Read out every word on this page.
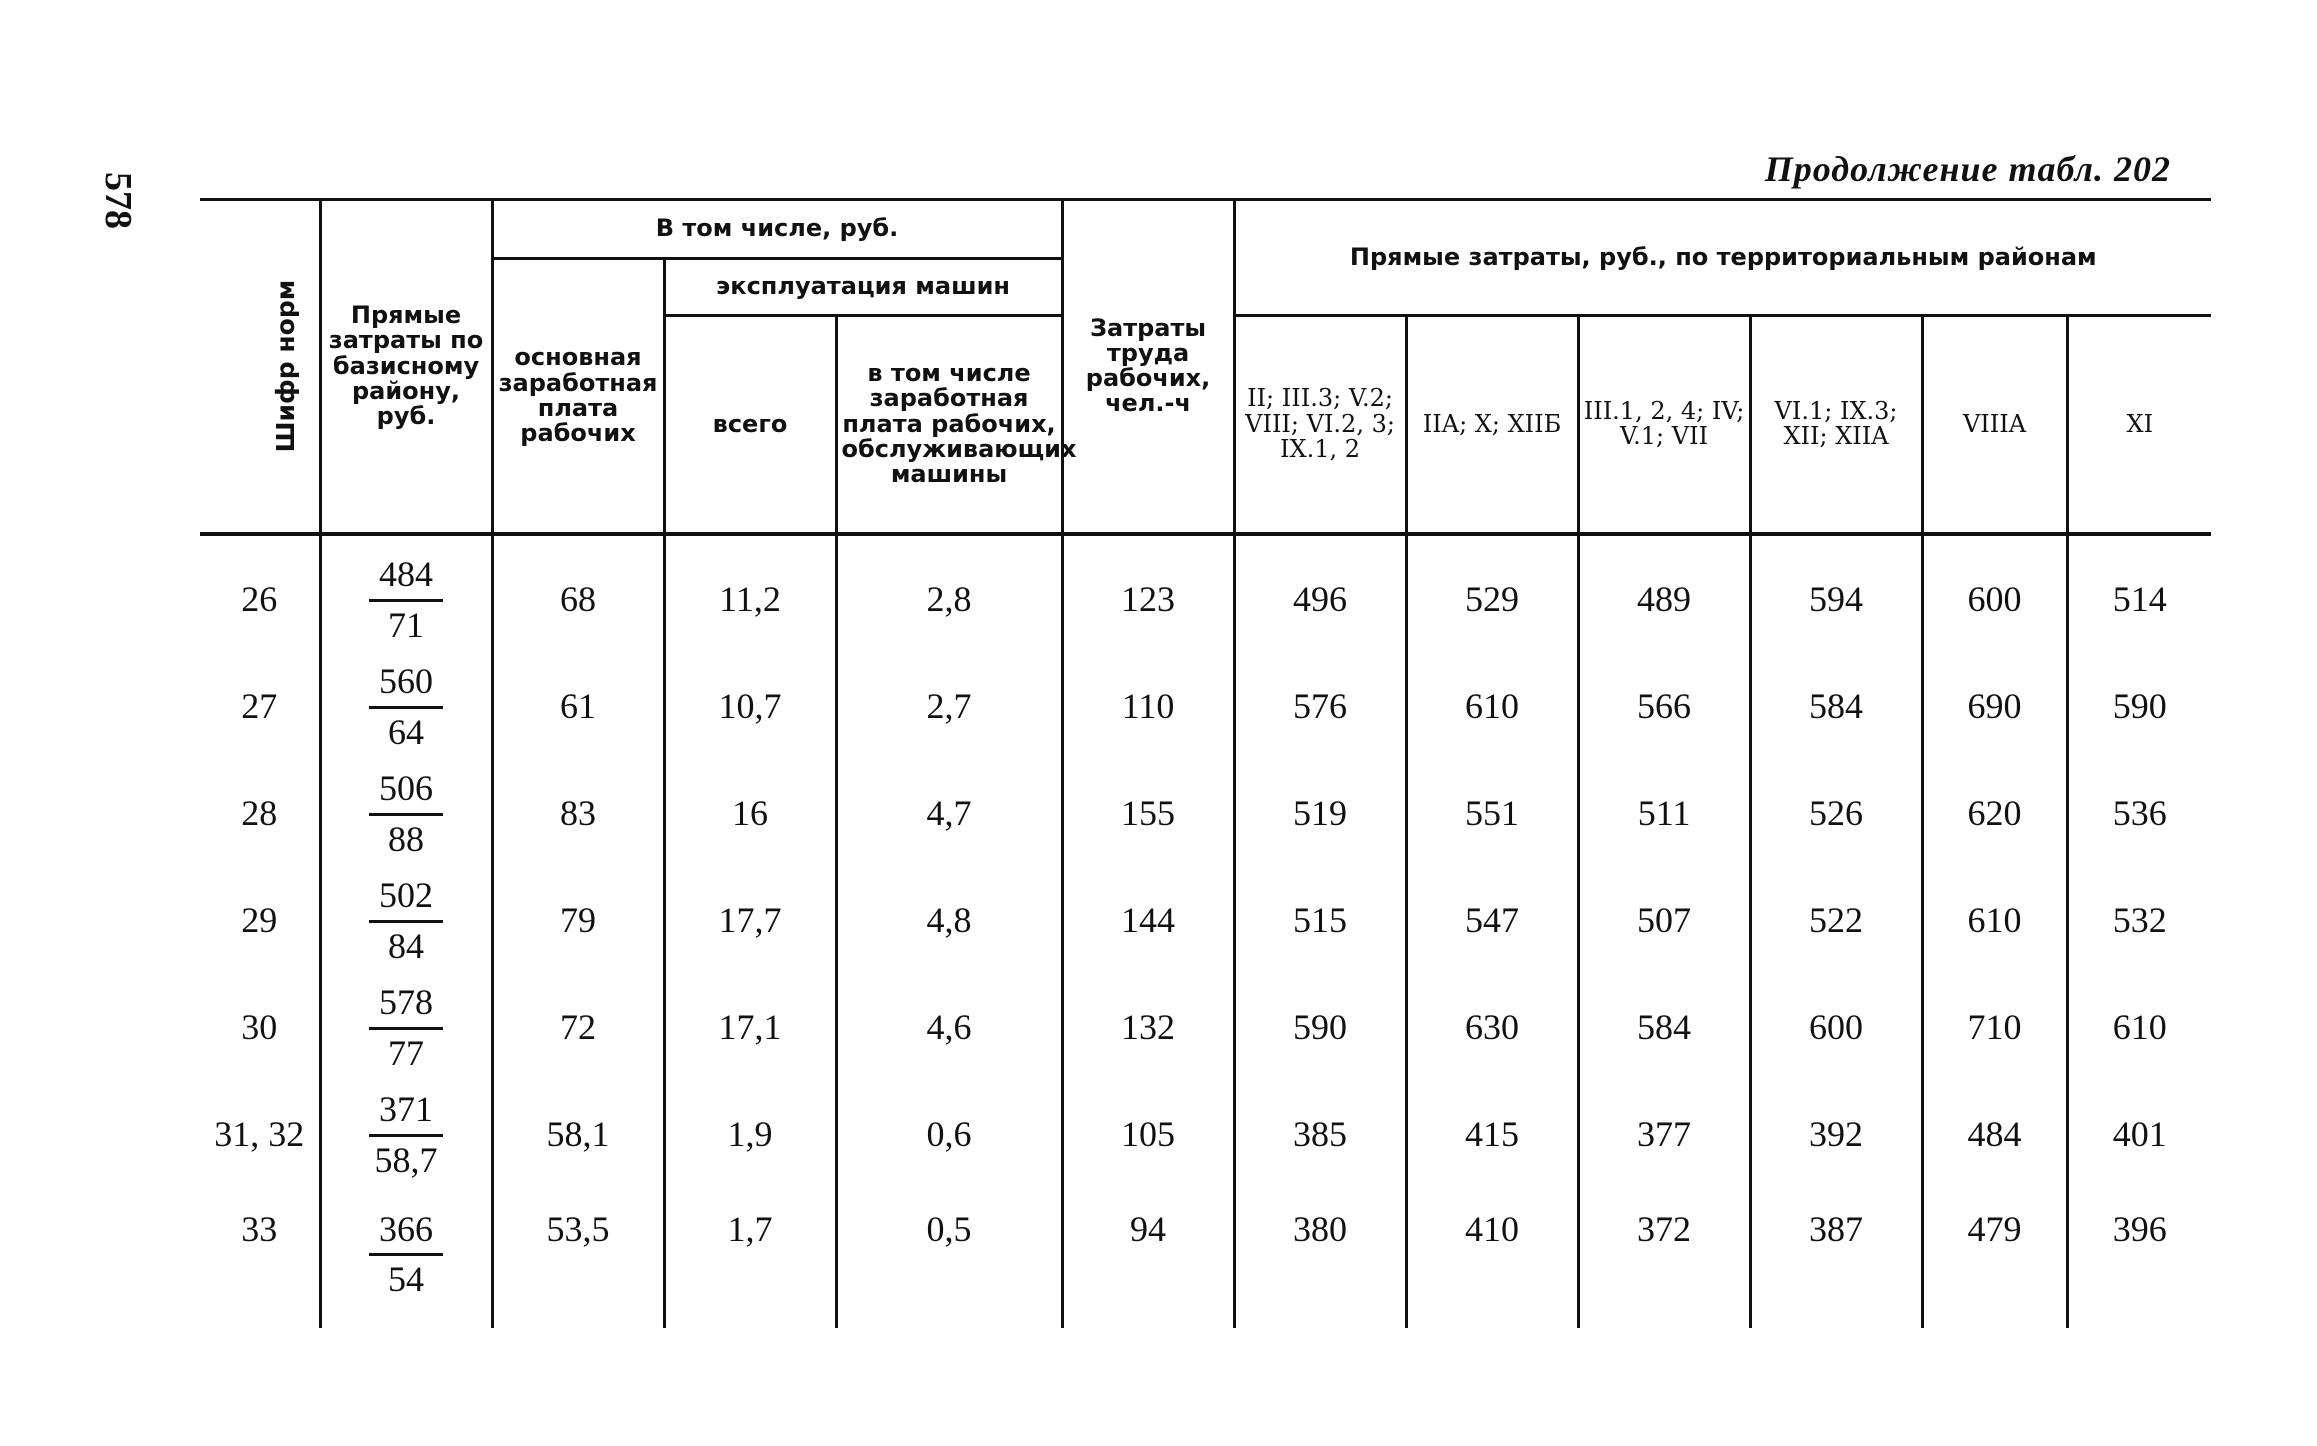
578
Продолжение табл. 202
Шифр норм	Прямые затраты по базисному району, руб.	В том числе, руб.			Затраты труда рабочих, чел.-ч	Прямые затраты, руб., по территориальным районам					
		основная заработная плата рабочих	эксплуатация машин								
			всего	в том числе заработная плата рабочих, обслуживающих машины		II; III.3; V.2; VIII; VI.2, 3; IX.1, 2	IIA; X; XIIБ	III.1, 2, 4; IV; V.1; VII	VI.1; IX.3; XII; XIIA	VIIIA	XI
26	$\frac{484}{71}$	68	11,2	2,8	123	496	529	489	594	600	514
27	$\frac{560}{64}$	61	10,7	2,7	110	576	610	566	584	690	590
28	$\frac{506}{88}$	83	16	4,7	155	519	551	511	526	620	536
29	$\frac{502}{84}$	79	17,7	4,8	144	515	547	507	522	610	532
30	$\frac{578}{77}$	72	17,1	4,6	132	590	630	584	600	710	610
31, 32	$\frac{371}{58,7}$	58,1	1,9	0,6	105	385	415	377	392	484	401
33	$\frac{366}{54}$	53,5	1,7	0,5	94	380	410	372	387	479	396
